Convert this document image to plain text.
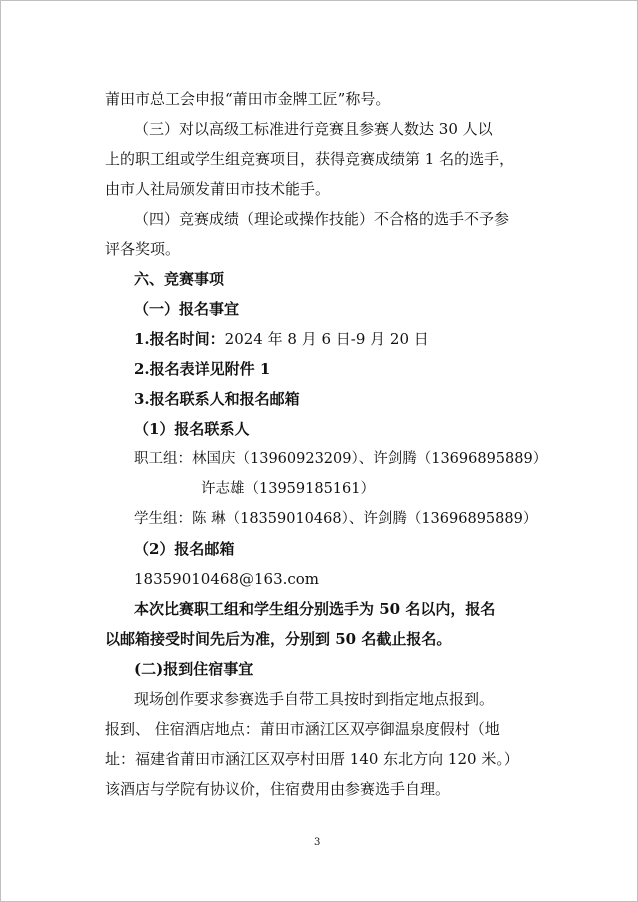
莆田市总工会申报“莆田市金牌工匠”称号。
（三）对以高级工标准进行竞赛且参赛人数达 30 人以
上的职工组或学生组竞赛项目，获得竞赛成绩第 1 名的选手，
由市人社局颁发莆田市技术能手。
（四）竞赛成绩（理论或操作技能）不合格的选手不予参
评各奖项。
六、竞赛事项
（一）报名事宜
1.报名时间：2024 年 8 月 6 日-9 月 20 日
2.报名表详见附件 1
3.报名联系人和报名邮箱
（1）报名联系人
职工组：林国庆（13960923209）、许剑腾（13696895889）
许志雄（13959185161）
学生组：陈 琳（18359010468）、许剑腾（13696895889）
（2）报名邮箱
18359010468@163.com
本次比赛职工组和学生组分别选手为 50 名以内，报名
以邮箱接受时间先后为准，分别到 50 名截止报名。
(二)报到住宿事宜
现场创作要求参赛选手自带工具按时到指定地点报到。
报到、 住宿酒店地点：莆田市涵江区双亭御温泉度假村（地
址：福建省莆田市涵江区双亭村田厝 140 东北方向 120 米。）
该酒店与学院有协议价，住宿费用由参赛选手自理。
3
